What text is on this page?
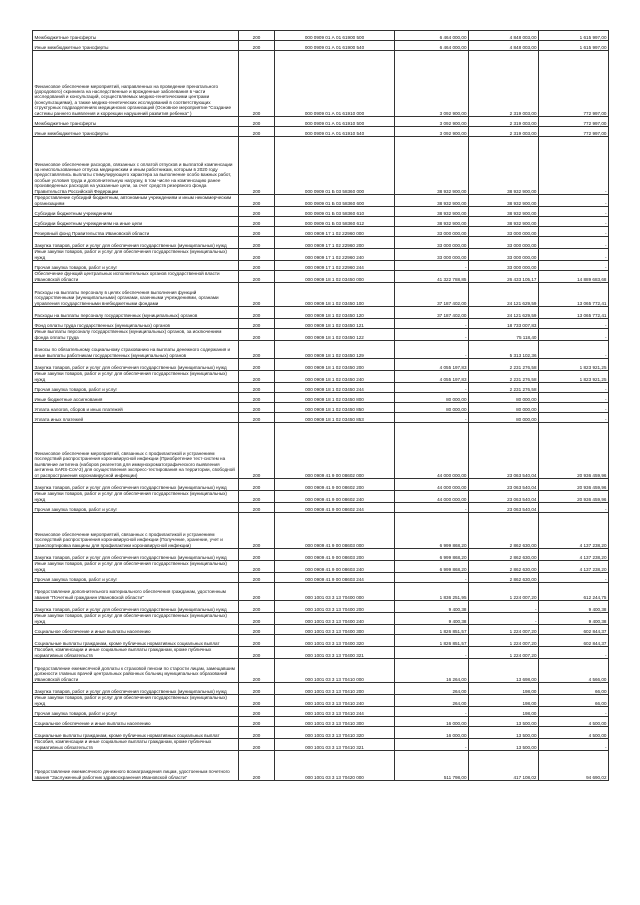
Межбюджетные трансферты	200	000 0909 01 А 01 61900 500	6 464 000,00	4 848 003,00	1 615 997,00
Иные межбюджетные трансферты	200	000 0909 01 А 01 61900 540	6 464 000,00	4 848 003,00	1 615 997,00
Финансовое обеспечение мероприятий, направленных на проведение пренатального (дородового) скрининга на наследственные и врожденные заболевания в части исследований и консультаций, осуществляемых медико-генетическими центрами (консультациями), а также медико-генетических исследований в соответствующих структурных подразделениях медицинских организаций (Основное мероприятие "Создание системы раннего выявления и коррекции нарушений развития ребенка" )	200	000 0909 01 А 01 61910 000	3 092 900,00	2 319 003,00	772 997,00
Межбюджетные трансферты	200	000 0909 01 А 01 61910 500	3 092 900,00	2 319 003,00	772 997,00
Иные межбюджетные трансферты	200	000 0909 01 А 01 61910 540	3 092 900,00	2 319 003,00	772 997,00
Финансовое обеспечение расходов, связанных с оплатой отпусков и выплатой компенсации за неиспользованные отпуска медицинским и иным работникам, которым в 2020 году предоставлялись выплаты стимулирующего характера за выполнение особо важных работ, особые условия труда и дополнительную нагрузку, в том числе на компенсацию ранее произведенных расходов на указанные цели, за счет средств резервного фонда Правительства Российской Федерации	200	000 0909 01 Б 03 58360 000	38 932 900,00	38 932 900,00	-
Предоставление субсидий бюджетным, автономным учреждениям и иным некоммерческим организациям	200	000 0909 01 Б 03 58360 600	38 932 900,00	38 932 900,00	-
Субсидии бюджетным учреждениям	200	000 0909 01 Б 03 58360 610	38 932 900,00	38 932 900,00	-
Субсидии бюджетным учреждениям на иные цели	200	000 0909 01 Б 03 58360 612	38 932 900,00	38 932 900,00	-
Резервный фонд Правительства Ивановской области	200	000 0909 17 1 02 22960 000	33 000 000,00	33 000 000,00	-
Закупка товаров, работ и услуг для обеспечения государственных (муниципальных) нужд	200	000 0909 17 1 02 22960 200	33 000 000,00	33 000 000,00	-
Иные закупки товаров, работ и услуг для обеспечения государственных (муниципальных) нужд	200	000 0909 17 1 02 22960 240	33 000 000,00	33 000 000,00	-
Прочая закупка товаров, работ и услуг	200	000 0909 17 1 02 22960 244	-	33 000 000,00	-
Обеспечение функций центральных исполнительных органов государственной власти Ивановской области	200	000 0909 18 1 02 03450 000	41 322 788,85	26 433 105,17	14 889 683,68
Расходы на выплаты персоналу в целях обеспечения выполнения функций государственными (муниципальными) органами, казенными учреждениями, органами управления государственными внебюджетными фондами	200	000 0909 18 1 02 03450 100	37 187 402,00	24 121 629,59	13 065 772,41
Расходы на выплаты персоналу государственных (муниципальных) органов	200	000 0909 18 1 02 03450 120	37 187 402,00	24 121 629,59	13 065 772,41
Фонд оплаты труда государственных (муниципальных) органов	200	000 0909 18 1 02 03450 121	-	18 733 007,83	-
Иные выплаты персоналу государственных (муниципальных) органов, за исключением фонда оплаты труда	200	000 0909 18 1 02 03450 122	-	75 118,40	-
Взносы по обязательному социальному страхованию на выплаты денежного содержания и иные выплаты работникам государственных (муниципальных) органов	200	000 0909 18 1 02 03450 129	-	5 313 102,36	-
Закупка товаров, работ и услуг для обеспечения государственных (муниципальных) нужд	200	000 0909 18 1 02 03450 200	4 055 197,83	2 231 276,58	1 823 921,25
Иные закупки товаров, работ и услуг для обеспечения государственных (муниципальных) нужд	200	000 0909 18 1 02 03450 240	4 055 197,83	2 231 276,58	1 823 921,25
Прочая закупка товаров, работ и услуг	200	000 0909 18 1 02 03450 244	-	2 231 276,58	-
Иные бюджетные ассигнования	200	000 0909 18 1 02 03450 800	80 000,00	80 000,00	-
Уплата налогов, сборов и иных платежей	200	000 0909 18 1 02 03450 850	80 000,00	80 000,00	-
Уплата иных платежей	200	000 0909 18 1 02 03450 853	-	80 000,00	-
Финансовое обеспечение мероприятий, связанных с профилактикой и устранением последствий распространения коронавирусной инфекции (Приобретение тест-систем на выявление антигена (наборов реагентов для иммунохроматографического выявления антигена SARS-CoV-2) для осуществления экспресс-тестирования на территории, свободной от распространения коронавирусной инфекции)	200	000 0909 41 9 00 08602 000	44 000 000,00	23 063 540,04	20 936 459,96
Закупка товаров, работ и услуг для обеспечения государственных (муниципальных) нужд	200	000 0909 41 9 00 08602 200	44 000 000,00	23 063 540,04	20 936 459,96
Иные закупки товаров, работ и услуг для обеспечения государственных (муниципальных) нужд	200	000 0909 41 9 00 08602 240	44 000 000,00	23 063 540,04	20 936 459,96
Прочая закупка товаров, работ и услуг	200	000 0909 41 9 00 08602 244	-	23 063 540,04	-
Финансовое обеспечение мероприятий, связанных с профилактикой и устранением последствий распространения коронавирусной инфекции (Получение, хранение, учет и транспортировка вакцины для профилактики коронавирусной инфекции)	200	000 0909 41 9 00 08603 000	6 999 868,20	2 862 630,00	4 137 238,20
Закупка товаров, работ и услуг для обеспечения государственных (муниципальных) нужд	200	000 0909 41 9 00 08603 200	6 999 868,20	2 862 630,00	4 137 238,20
Иные закупки товаров, работ и услуг для обеспечения государственных (муниципальных) нужд	200	000 0909 41 9 00 08603 240	6 999 868,20	2 862 630,00	4 137 238,20
Прочая закупка товаров, работ и услуг	200	000 0909 41 9 00 08603 244	-	2 862 630,00	-
Предоставление дополнительного материального обеспечения гражданам, удостоенным звания "Почетный гражданин Ивановской области"	200	000 1001 03 3 13 70400 000	1 836 251,95	1 224 007,20	612 244,75
Закупка товаров, работ и услуг для обеспечения государственных (муниципальных) нужд	200	000 1001 03 3 13 70400 200	9 400,38	-	9 400,38
Иные закупки товаров, работ и услуг для обеспечения государственных (муниципальных) нужд	200	000 1001 03 3 13 70400 240	9 400,38	-	9 400,38
Социальное обеспечение и иные выплаты населению	200	000 1001 03 3 13 70400 300	1 826 851,57	1 224 007,20	602 844,37
Социальные выплаты гражданам, кроме публичных нормативных социальных выплат	200	000 1001 03 3 13 70400 320	1 826 851,57	1 224 007,20	602 844,37
Пособия, компенсации и иные социальные выплаты гражданам, кроме публичных нормативных обязательств	200	000 1001 03 3 13 70400 321	-	1 224 007,20	-
Предоставление ежемесячной доплаты к страховой пенсии по старости лицам, замещавшим должности главных врачей центральных районных больниц муниципальных образований Ивановской области	200	000 1001 03 3 13 70410 000	16 264,00	13 698,00	4 566,00
Закупка товаров, работ и услуг для обеспечения государственных (муниципальных) нужд	200	000 1001 03 3 13 70410 200	264,00	198,00	66,00
Иные закупки товаров, работ и услуг для обеспечения государственных (муниципальных) нужд	200	000 1001 03 3 13 70410 240	264,00	198,00	66,00
Прочая закупка товаров, работ и услуг	200	000 1001 03 3 13 70410 244	-	198,00	-
Социальное обеспечение и иные выплаты населению	200	000 1001 03 3 13 70410 300	16 000,00	13 500,00	4 500,00
Социальные выплаты гражданам, кроме публичных нормативных социальных выплат	200	000 1001 03 3 13 70410 320	16 000,00	13 500,00	4 500,00
Пособия, компенсации и иные социальные выплаты гражданам, кроме публичных нормативных обязательств	200	000 1001 03 3 13 70410 321	-	13 500,00	-
Предоставление ежемесячного денежного вознаграждения лицам, удостоенным почетного звания "Заслуженный работник здравоохранения Ивановской области"	200	000 1001 03 3 13 70420 000	511 798,00	417 108,02	94 690,02
